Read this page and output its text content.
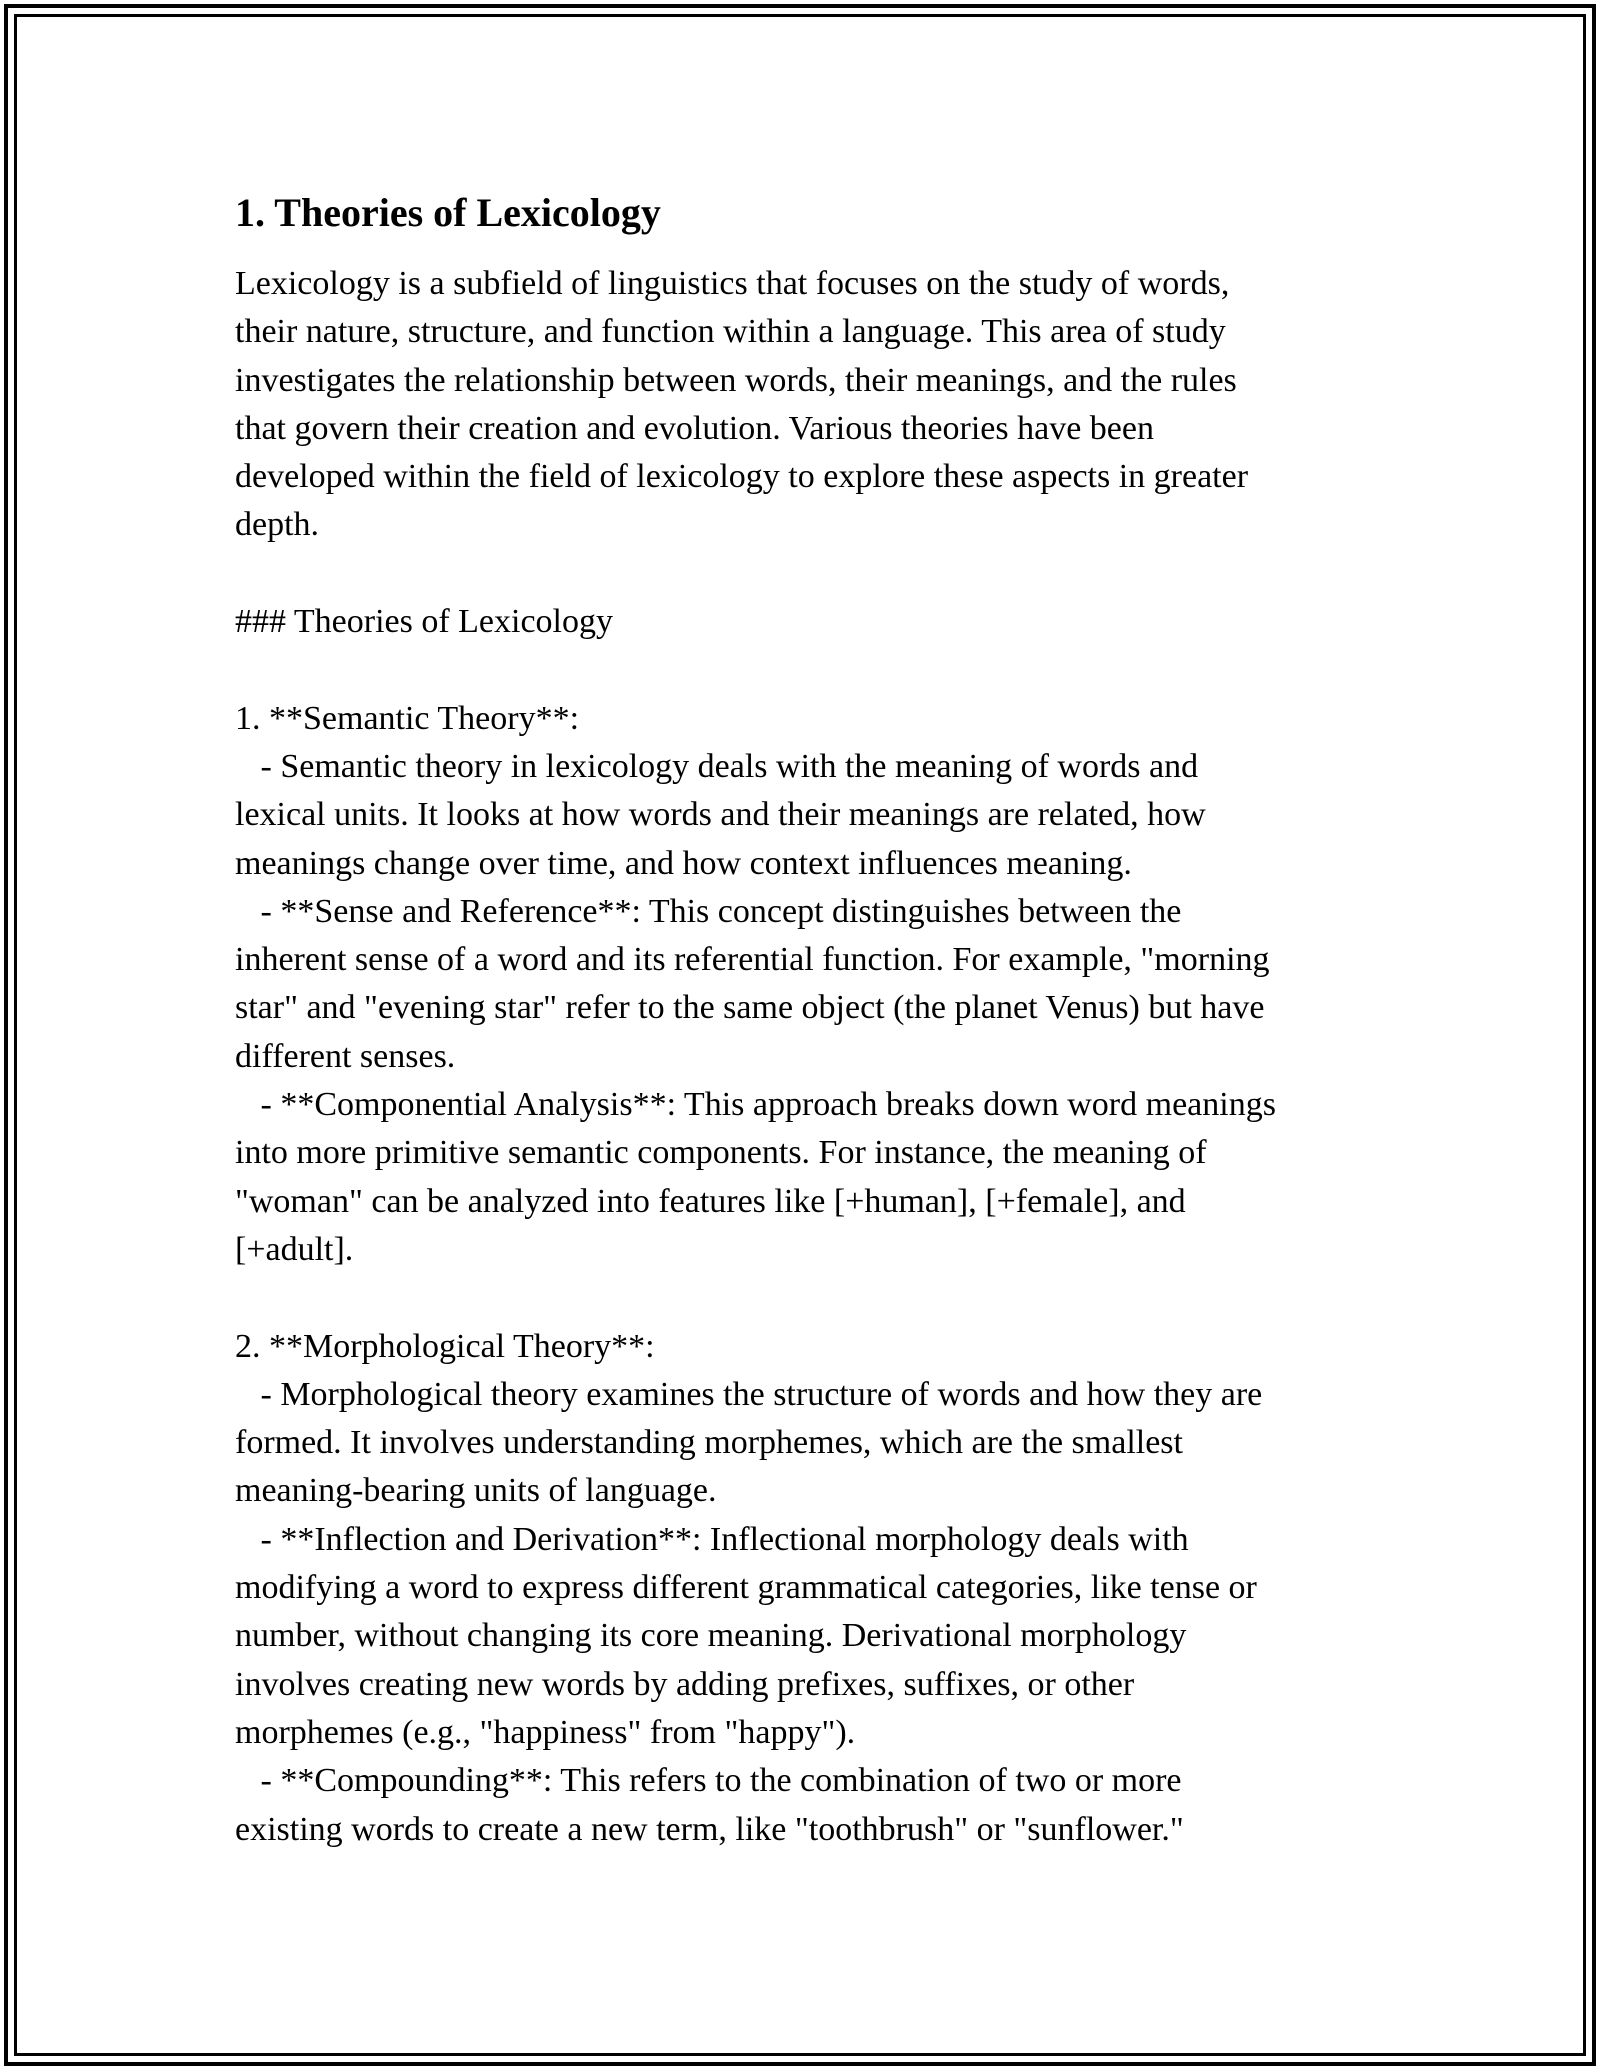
1. Theories of Lexicology
Lexicology is a subfield of linguistics that focuses on the study of words,
their nature, structure, and function within a language. This area of study
investigates the relationship between words, their meanings, and the rules
that govern their creation and evolution. Various theories have been
developed within the field of lexicology to explore these aspects in greater
depth.

### Theories of Lexicology

1. **Semantic Theory**:
- Semantic theory in lexicology deals with the meaning of words and
lexical units. It looks at how words and their meanings are related, how
meanings change over time, and how context influences meaning.
- **Sense and Reference**: This concept distinguishes between the
inherent sense of a word and its referential function. For example, "morning
star" and "evening star" refer to the same object (the planet Venus) but have
different senses.
- **Componential Analysis**: This approach breaks down word meanings
into more primitive semantic components. For instance, the meaning of
"woman" can be analyzed into features like [+human], [+female], and
[+adult].

2. **Morphological Theory**:
- Morphological theory examines the structure of words and how they are
formed. It involves understanding morphemes, which are the smallest
meaning-bearing units of language.
- **Inflection and Derivation**: Inflectional morphology deals with
modifying a word to express different grammatical categories, like tense or
number, without changing its core meaning. Derivational morphology
involves creating new words by adding prefixes, suffixes, or other
morphemes (e.g., "happiness" from "happy").
- **Compounding**: This refers to the combination of two or more
existing words to create a new term, like "toothbrush" or "sunflower."
